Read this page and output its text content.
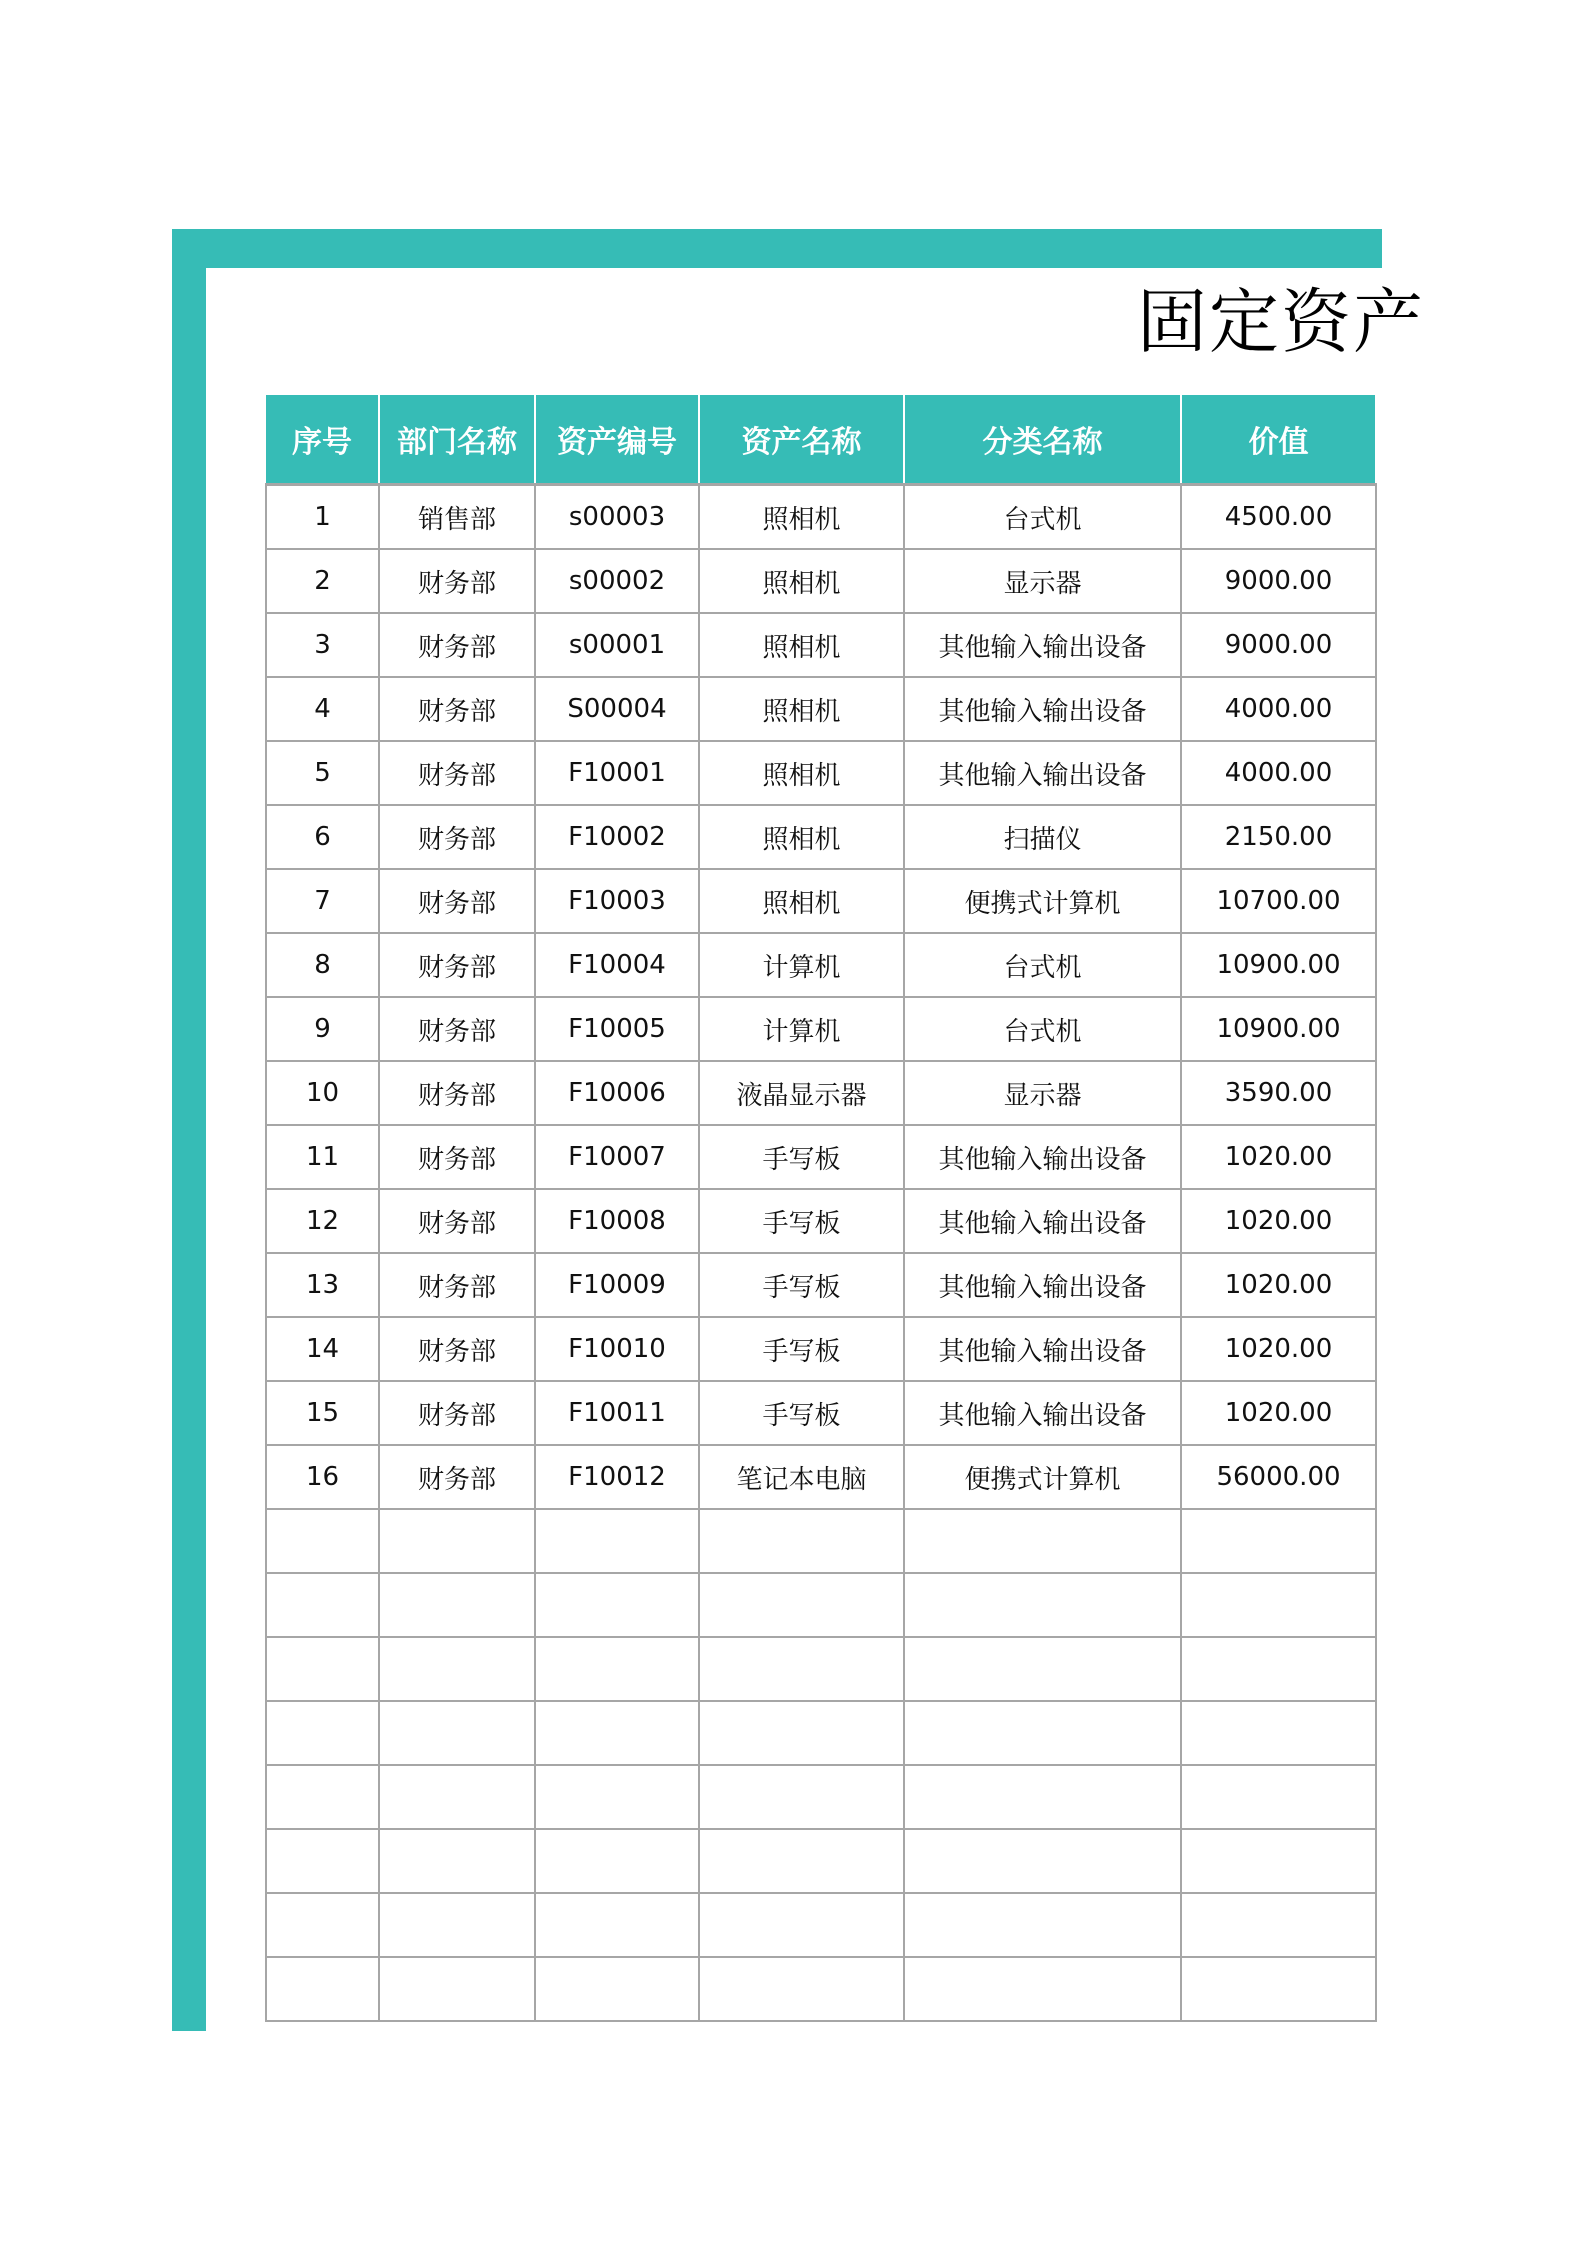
固定资产
序号	部门名称	资产编号	资产名称	分类名称	价值
1	销售部	s00003	照相机	台式机	4500.00
2	财务部	s00002	照相机	显示器	9000.00
3	财务部	s00001	照相机	其他输入输出设备	9000.00
4	财务部	S00004	照相机	其他输入输出设备	4000.00
5	财务部	F10001	照相机	其他输入输出设备	4000.00
6	财务部	F10002	照相机	扫描仪	2150.00
7	财务部	F10003	照相机	便携式计算机	10700.00
8	财务部	F10004	计算机	台式机	10900.00
9	财务部	F10005	计算机	台式机	10900.00
10	财务部	F10006	液晶显示器	显示器	3590.00
11	财务部	F10007	手写板	其他输入输出设备	1020.00
12	财务部	F10008	手写板	其他输入输出设备	1020.00
13	财务部	F10009	手写板	其他输入输出设备	1020.00
14	财务部	F10010	手写板	其他输入输出设备	1020.00
15	财务部	F10011	手写板	其他输入输出设备	1020.00
16	财务部	F10012	笔记本电脑	便携式计算机	56000.00
